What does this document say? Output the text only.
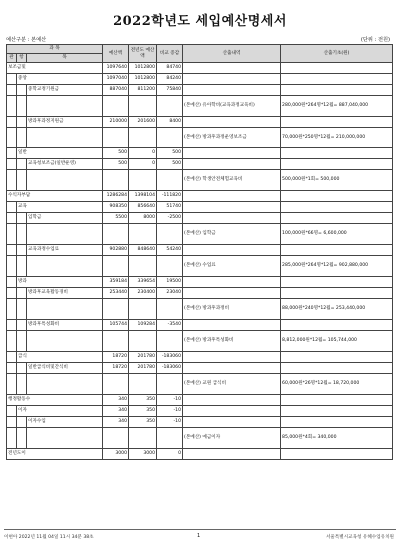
2022학년도 세입예산명세서
예산구분 : 본예산	(단위 : 전원)
과 목			예산액	전년도 예산액	비교 증감	산출내역	산출기초(원)
관	항	목					
보조금및			1097640	1012800	84740		
	중앙		1097040	1012800	84240		
		중학교정기원금	887040	811200	75840		
						(본예산) 유아학비(교육과정교육비)	280,000원*264명*12월= 887,040,000
		방과후과정지원금	210000	201600	8400		
						(본예산) 방과후과정운영보조금	70,000원*250명*12월= 210,000,000
	일반		500	0	500		
		교육청보조금(일반운영)	500	0	500		
						(본예산) 학생안전체험교육비	500,000원*1회= 500,000
수익자부담			1286284	1398104	-111820		
	교육		908350	856640	51740		
		입학금	5500	8000	-2500		
						(본예산) 입학금	100,000원*66명= 6,600,000
		교육과정수업료	902880	848640	54240		
						(본예산) 수업료	285,000원*264명*12월= 902,880,000
	방과		359184	339654	19500		
		방과후교육활동경비	253440	230400	23040		
						(본예산) 방과후과정비	88,000원*240명*12월= 253,440,000
		방과후특성화비	105744	109284	-3540		
						(본예산) 방과후특성화비	8,812,000원*12월= 105,744,000
	급식		18720	201780	-183060		
		일반급식비및간식비	18720	201780	-183060		
						(본예산) 교원 급식비	60,000원*26명*12월= 18,720,000
행정활동수			340	350	-10		
	이자		340	350	-10		
		이자수입	340	350	-10		
						(본예산) 예금이자	85,000원*4회= 340,000
전년도이			3000	3000	0		
이현아 2022년 11월 04일 11시 34분 38초	1	서울특별시교육청 유혜수업유치원
